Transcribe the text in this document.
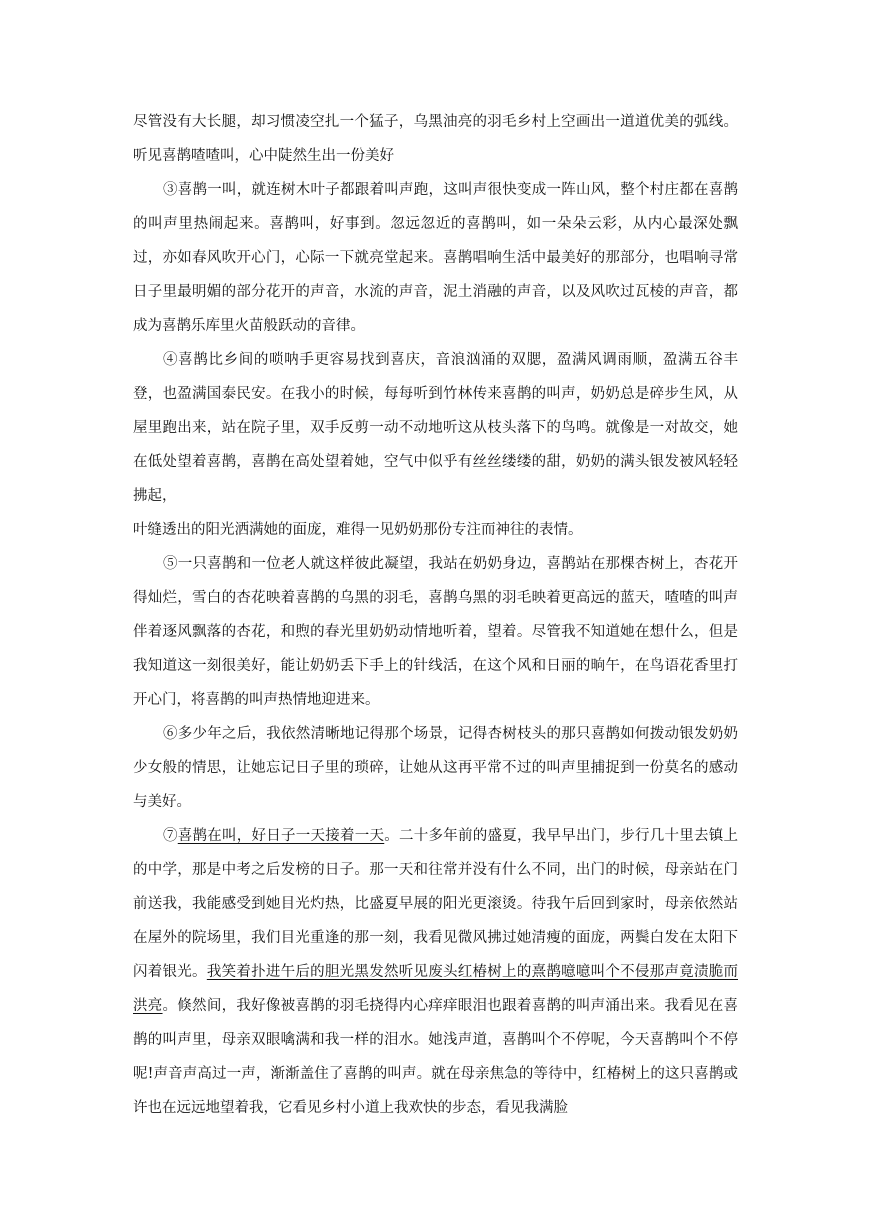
尽管没有大长腿，却习惯凌空扎一个猛子，乌黑油亮的羽毛乡村上空画出一道道优美的弧线。听见喜鹊喳喳叫，心中陡然生出一份美好

③喜鹊一叫，就连树木叶子都跟着叫声跑，这叫声很快变成一阵山风，整个村庄都在喜鹊的叫声里热闹起来。喜鹊叫，好事到。忽远忽近的喜鹊叫，如一朵朵云彩，从内心最深处飘过，亦如春风吹开心门，心际一下就亮堂起来。喜鹊唱响生活中最美好的那部分，也唱响寻常日子里最明媚的部分花开的声音，水流的声音，泥土消融的声音，以及风吹过瓦棱的声音，都成为喜鹊乐库里火苗般跃动的音律。

④喜鹊比乡间的唢呐手更容易找到喜庆，音浪汹涌的双腮，盈满风调雨顺，盈满五谷丰登，也盈满国泰民安。在我小的时候，每每听到竹林传来喜鹊的叫声，奶奶总是碎步生风，从屋里跑出来，站在院子里，双手反剪一动不动地听这从枝头落下的鸟鸣。就像是一对故交，她在低处望着喜鹊，喜鹊在高处望着她，空气中似乎有丝丝缕缕的甜，奶奶的满头银发被风轻轻拂起，

叶缝透出的阳光洒满她的面庞，难得一见奶奶那份专注而神往的表情。

⑤一只喜鹊和一位老人就这样彼此凝望，我站在奶奶身边，喜鹊站在那棵杏树上，杏花开得灿烂，雪白的杏花映着喜鹊的乌黑的羽毛，喜鹊乌黑的羽毛映着更高远的蓝天，喳喳的叫声伴着逐风飘落的杏花，和煦的春光里奶奶动情地听着，望着。尽管我不知道她在想什么，但是我知道这一刻很美好，能让奶奶丢下手上的针线活，在这个风和日丽的晌午，在鸟语花香里打开心门，将喜鹊的叫声热情地迎进来。

⑥多少年之后，我依然清晰地记得那个场景，记得杏树枝头的那只喜鹊如何拨动银发奶奶少女般的情思，让她忘记日子里的琐碎，让她从这再平常不过的叫声里捕捉到一份莫名的感动与美好。

⑦喜鹊在叫，好日子一天接着一天。二十多年前的盛夏，我早早出门，步行几十里去镇上的中学，那是中考之后发榜的日子。那一天和往常并没有什么不同，出门的时候，母亲站在门前送我，我能感受到她目光灼热，比盛夏早展的阳光更滚烫。待我午后回到家时，母亲依然站在屋外的院场里，我们目光重逢的那一刻，我看见微风拂过她清瘦的面庞，两鬓白发在太阳下闪着银光。我笑着扑进午后的胆光黑发然听见废头红椿树上的熹鹊噫噫叫个不侵那声竟渍脆而洪亮。倏然间，我好像被喜鹊的羽毛挠得内心痒痒眼泪也跟着喜鹊的叫声涌出来。我看见在喜鹊的叫声里，母亲双眼噙满和我一样的泪水。她浅声道，喜鹊叫个不停呢，今天喜鹊叫个不停呢!声音声高过一声，渐渐盖住了喜鹊的叫声。就在母亲焦急的等待中，红椿树上的这只喜鹊或许也在远远地望着我，它看见乡村小道上我欢快的步态，看见我满脸
